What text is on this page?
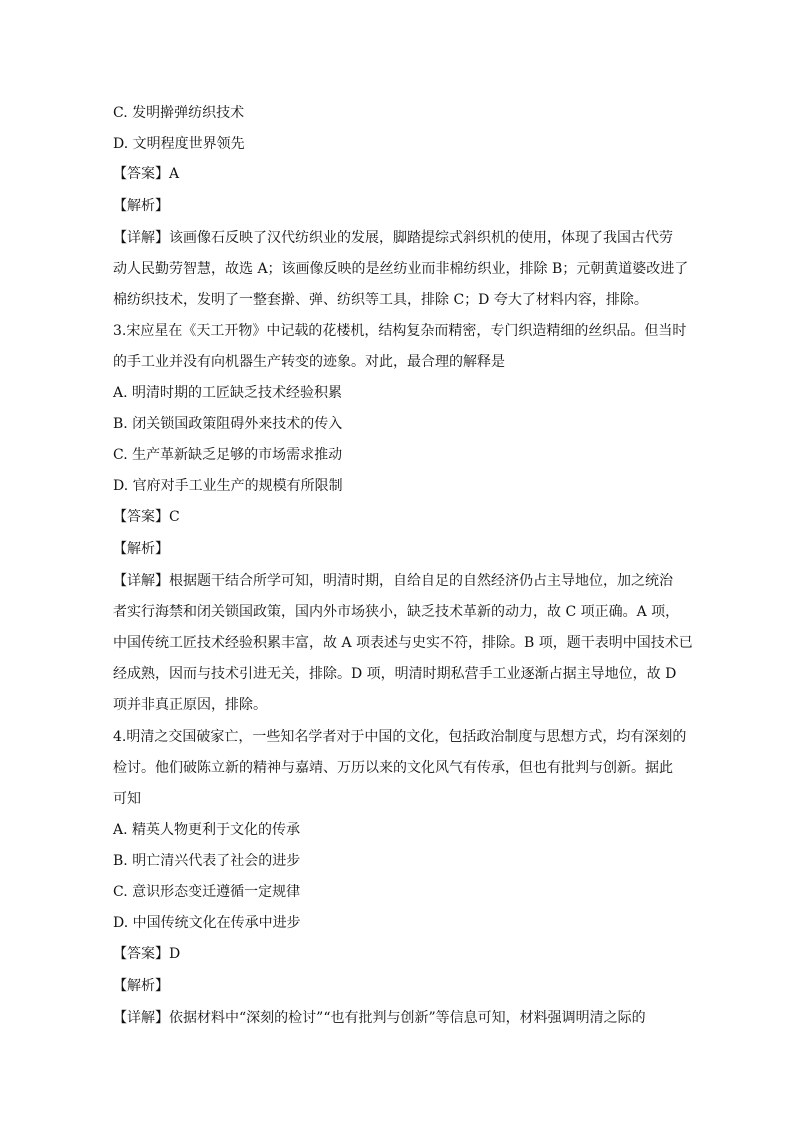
C. 发明擀弹纺织技术
D. 文明程度世界领先
【答案】A
【解析】
【详解】该画像石反映了汉代纺织业的发展，脚踏提综式斜织机的使用，体现了我国古代劳
动人民勤劳智慧，故选 A；该画像反映的是丝纺业而非棉纺织业，排除 B；元朝黄道婆改进了
棉纺织技术，发明了一整套擀、弹、纺织等工具，排除 C；D 夸大了材料内容，排除。
3.宋应星在《天工开物》中记载的花楼机，结构复杂而精密，专门织造精细的丝织品。但当时
的手工业并没有向机器生产转变的迹象。对此，最合理的解释是
A. 明清时期的工匠缺乏技术经验积累
B. 闭关锁国政策阻碍外来技术的传入
C. 生产革新缺乏足够的市场需求推动
D. 官府对手工业生产的规模有所限制
【答案】C
【解析】
【详解】根据题干结合所学可知，明清时期，自给自足的自然经济仍占主导地位，加之统治
者实行海禁和闭关锁国政策，国内外市场狭小，缺乏技术革新的动力，故 C 项正确。A 项，
中国传统工匠技术经验积累丰富，故 A 项表述与史实不符，排除。B 项，题干表明中国技术已
经成熟，因而与技术引进无关，排除。D 项，明清时期私营手工业逐渐占据主导地位，故 D
项并非真正原因，排除。
4.明清之交国破家亡，一些知名学者对于中国的文化，包括政治制度与思想方式，均有深刻的
检讨。他们破陈立新的精神与嘉靖、万历以来的文化风气有传承，但也有批判与创新。据此
可知
A. 精英人物更利于文化的传承
B. 明亡清兴代表了社会的进步
C. 意识形态变迁遵循一定规律
D. 中国传统文化在传承中进步
【答案】D
【解析】
【详解】依据材料中“深刻的检讨”“也有批判与创新”等信息可知，材料强调明清之际的
